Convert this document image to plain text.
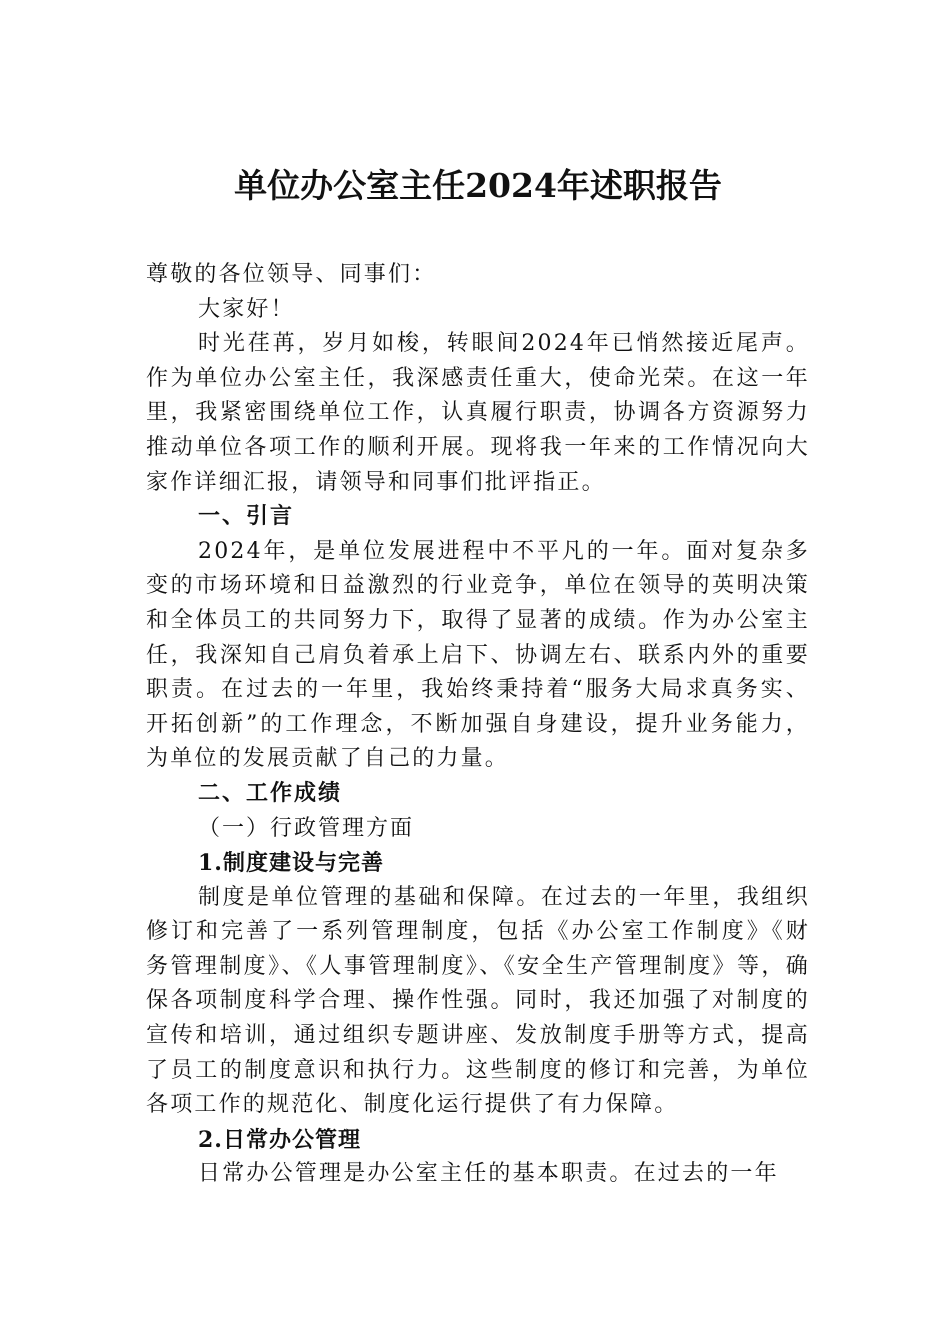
单位办公室主任2024年述职报告

尊敬的各位领导、同事们：

大家好！

时光荏苒，岁月如梭，转眼间2024年已悄然接近尾声。作为单位办公室主任，我深感责任重大，使命光荣。在这一年里，我紧密围绕单位工作，认真履行职责，协调各方资源努力推动单位各项工作的顺利开展。现将我一年来的工作情况向大家作详细汇报，请领导和同事们批评指正。

一、引言

2024年，是单位发展进程中不平凡的一年。面对复杂多变的市场环境和日益激烈的行业竞争，单位在领导的英明决策和全体员工的共同努力下，取得了显著的成绩。作为办公室主任，我深知自己肩负着承上启下、协调左右、联系内外的重要职责。在过去的一年里，我始终秉持着“服务大局求真务实、开拓创新”的工作理念，不断加强自身建设，提升业务能力，为单位的发展贡献了自己的力量。

二、工作成绩

（一）行政管理方面

1.制度建设与完善

制度是单位管理的基础和保障。在过去的一年里，我组织修订和完善了一系列管理制度，包括《办公室工作制度》《财务管理制度》、《人事管理制度》、《安全生产管理制度》等，确保各项制度科学合理、操作性强。同时，我还加强了对制度的宣传和培训，通过组织专题讲座、发放制度手册等方式，提高了员工的制度意识和执行力。这些制度的修订和完善，为单位各项工作的规范化、制度化运行提供了有力保障。

2.日常办公管理

日常办公管理是办公室主任的基本职责。在过去的一年
